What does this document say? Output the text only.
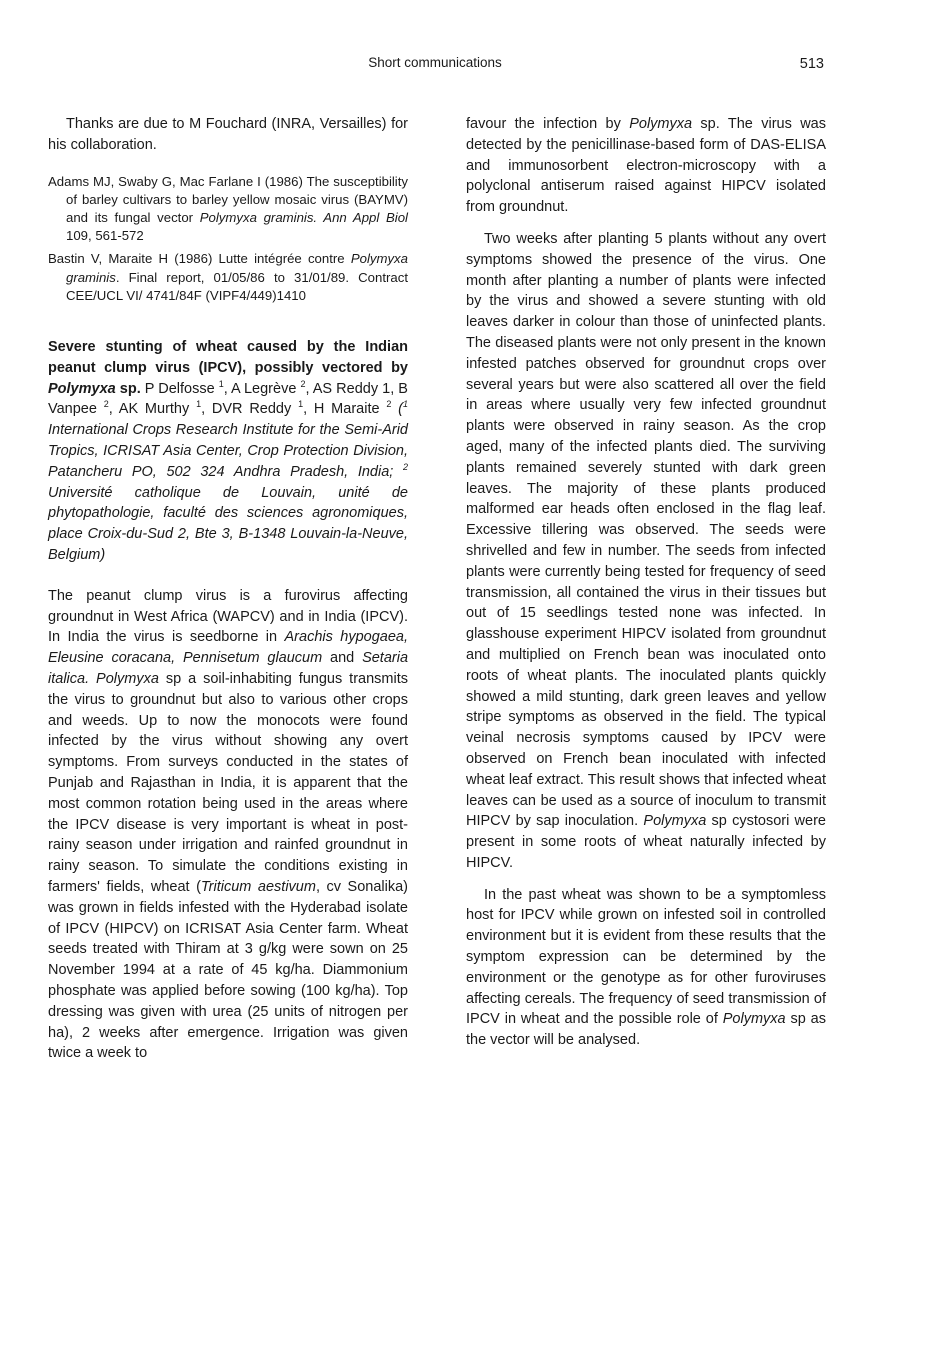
Short communications	513

Thanks are due to M Fouchard (INRA, Versailles) for his collaboration.

Adams MJ, Swaby G, Mac Farlane I (1986) The susceptibility of barley cultivars to barley yellow mosaic virus (BAYMV) and its fungal vector Polymyxa graminis. Ann Appl Biol 109, 561-572

Bastin V, Maraite H (1986) Lutte intégrée contre Polymyxa graminis. Final report, 01/05/86 to 31/01/89. Contract CEE/UCL VI/ 4741/84F (VIPF4/449)1410

Severe stunting of wheat caused by the Indian peanut clump virus (IPCV), possibly vectored by Polymyxa sp. P Delfosse $^1$, A Legrève $^2$, AS Reddy 1, B Vanpee $^2$, AK Murthy $^1$, DVR Reddy $^1$, H Maraite $^2$ ($^1$ International Crops Research Institute for the Semi-Arid Tropics, ICRISAT Asia Center, Crop Protection Division, Patancheru PO, 502 324 Andhra Pradesh, India; $^2$ Université catholique de Louvain, unité de phytopathologie, faculté des sciences agronomiques, place Croix-du-Sud 2, Bte 3, B-1348 Louvain-la-Neuve, Belgium)

The peanut clump virus is a furovirus affecting groundnut in West Africa (WAPCV) and in India (IPCV). In India the virus is seedborne in Arachis hypogaea, Eleusine coracana, Pennisetum glaucum and Setaria italica. Polymyxa sp a soil-inhabiting fungus transmits the virus to groundnut but also to various other crops and weeds. Up to now the monocots were found infected by the virus without showing any overt symptoms. From surveys conducted in the states of Punjab and Rajasthan in India, it is apparent that the most common rotation being used in the areas where the IPCV disease is very important is wheat in post-rainy season under irrigation and rainfed groundnut in rainy season. To simulate the conditions existing in farmers' fields, wheat (Triticum aestivum, cv Sonalika) was grown in fields infested with the Hyderabad isolate of IPCV (HIPCV) on ICRISAT Asia Center farm. Wheat seeds treated with Thiram at 3 g/kg were sown on 25 November 1994 at a rate of 45 kg/ha. Diammonium phosphate was applied before sowing (100 kg/ha). Top dressing was given with urea (25 units of nitrogen per ha), 2 weeks after emergence. Irrigation was given twice a week to

favour the infection by Polymyxa sp. The virus was detected by the penicillinase-based form of DAS-ELISA and immunosorbent electron-microscopy with a polyclonal antiserum raised against HIPCV isolated from groundnut.

Two weeks after planting 5 plants without any overt symptoms showed the presence of the virus. One month after planting a number of plants were infected by the virus and showed a severe stunting with old leaves darker in colour than those of uninfected plants. The diseased plants were not only present in the known infested patches observed for groundnut crops over several years but were also scattered all over the field in areas where usually very few infected groundnut plants were observed in rainy season. As the crop aged, many of the infected plants died. The surviving plants remained severely stunted with dark green leaves. The majority of these plants produced malformed ear heads often enclosed in the flag leaf. Excessive tillering was observed. The seeds were shrivelled and few in number. The seeds from infected plants were currently being tested for frequency of seed transmission, all contained the virus in their tissues but out of 15 seedlings tested none was infected. In glasshouse experiment HIPCV isolated from groundnut and multiplied on French bean was inoculated onto roots of wheat plants. The inoculated plants quickly showed a mild stunting, dark green leaves and yellow stripe symptoms as observed in the field. The typical veinal necrosis symptoms caused by IPCV were observed on French bean inoculated with infected wheat leaf extract. This result shows that infected wheat leaves can be used as a source of inoculum to transmit HIPCV by sap inoculation. Polymyxa sp cystosori were present in some roots of wheat naturally infected by HIPCV.

In the past wheat was shown to be a symptomless host for IPCV while grown on infested soil in controlled environment but it is evident from these results that the symptom expression can be determined by the environment or the genotype as for other furoviruses affecting cereals. The frequency of seed transmission of IPCV in wheat and the possible role of Polymyxa sp as the vector will be analysed.
